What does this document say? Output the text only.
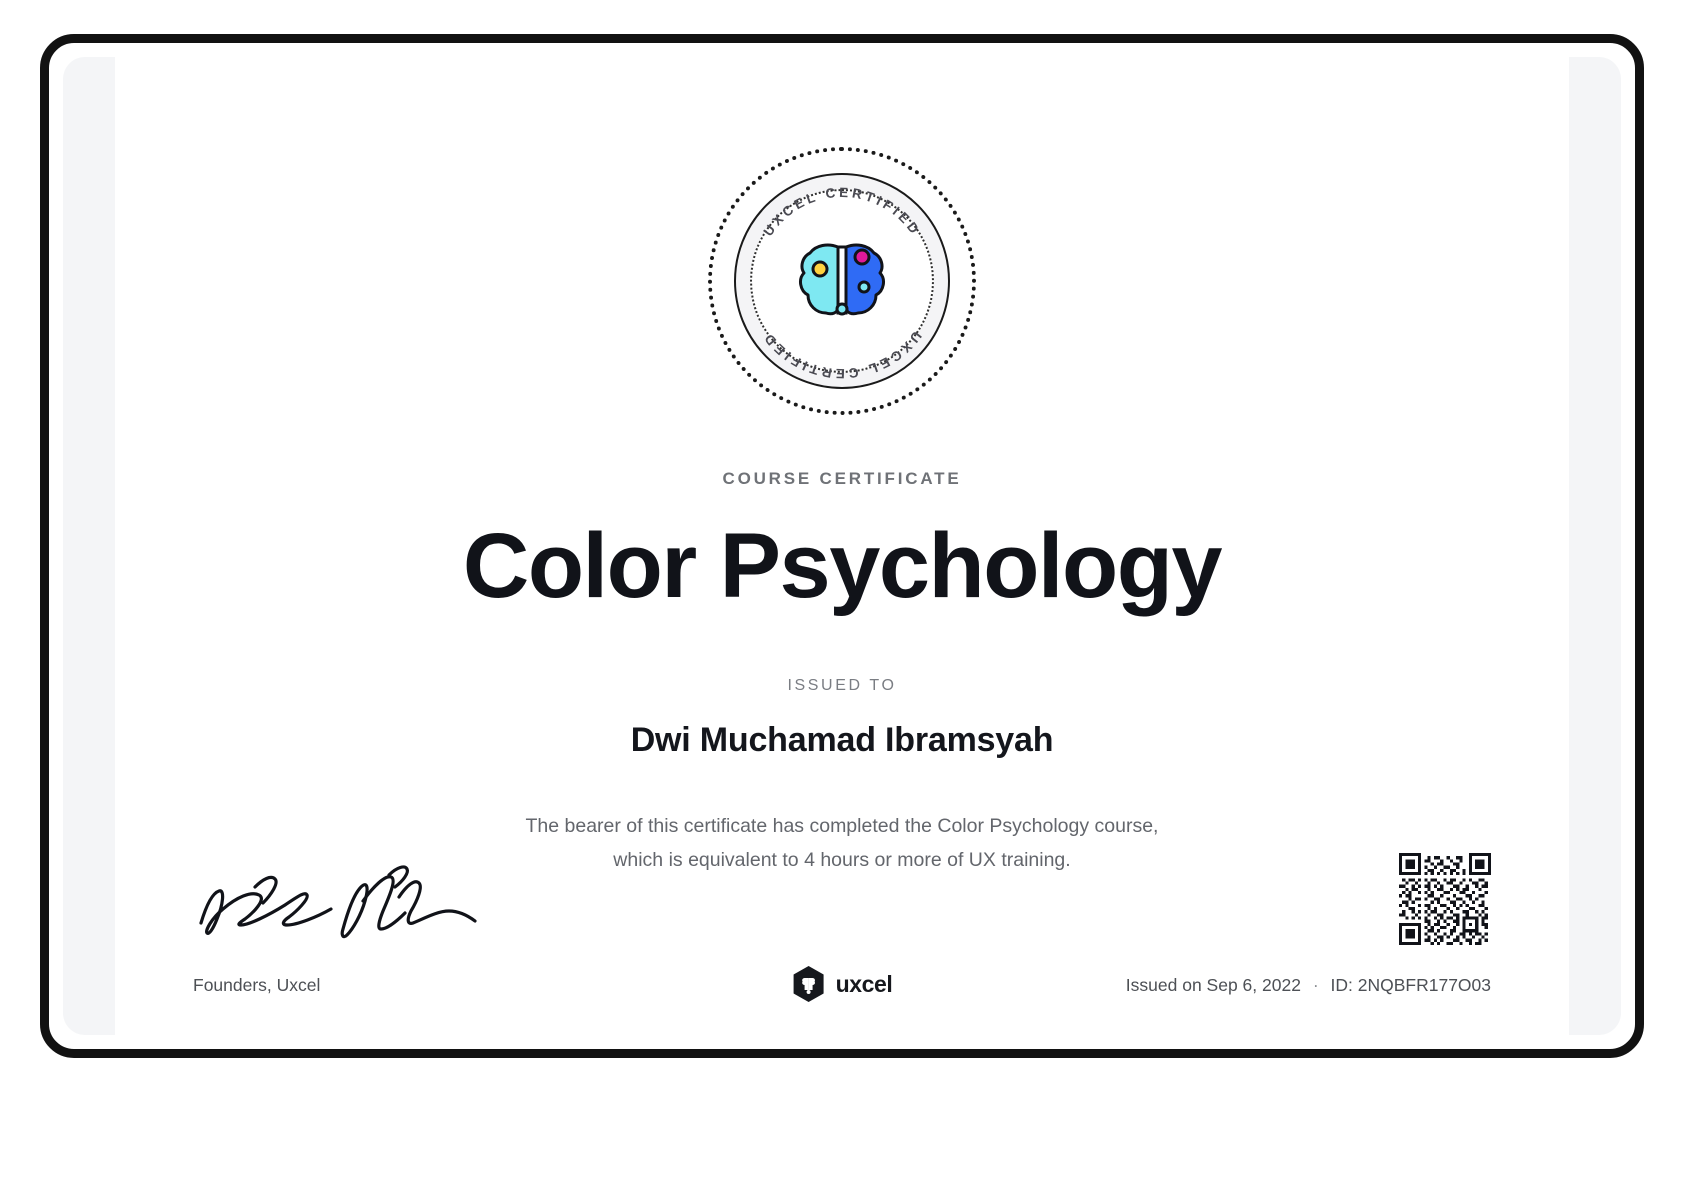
UXCEL CERTIFIED
UXCEL CERTIFIED
COURSE CERTIFICATE
Color Psychology
ISSUED TO
Dwi Muchamad Ibramsyah
The bearer of this certificate has completed the Color Psychology course,
which is equivalent to 4 hours or more of UX training.
Founders, Uxcel	uxcel	Issued on Sep 6, 2022 · ID: 2NQBFR177O03
